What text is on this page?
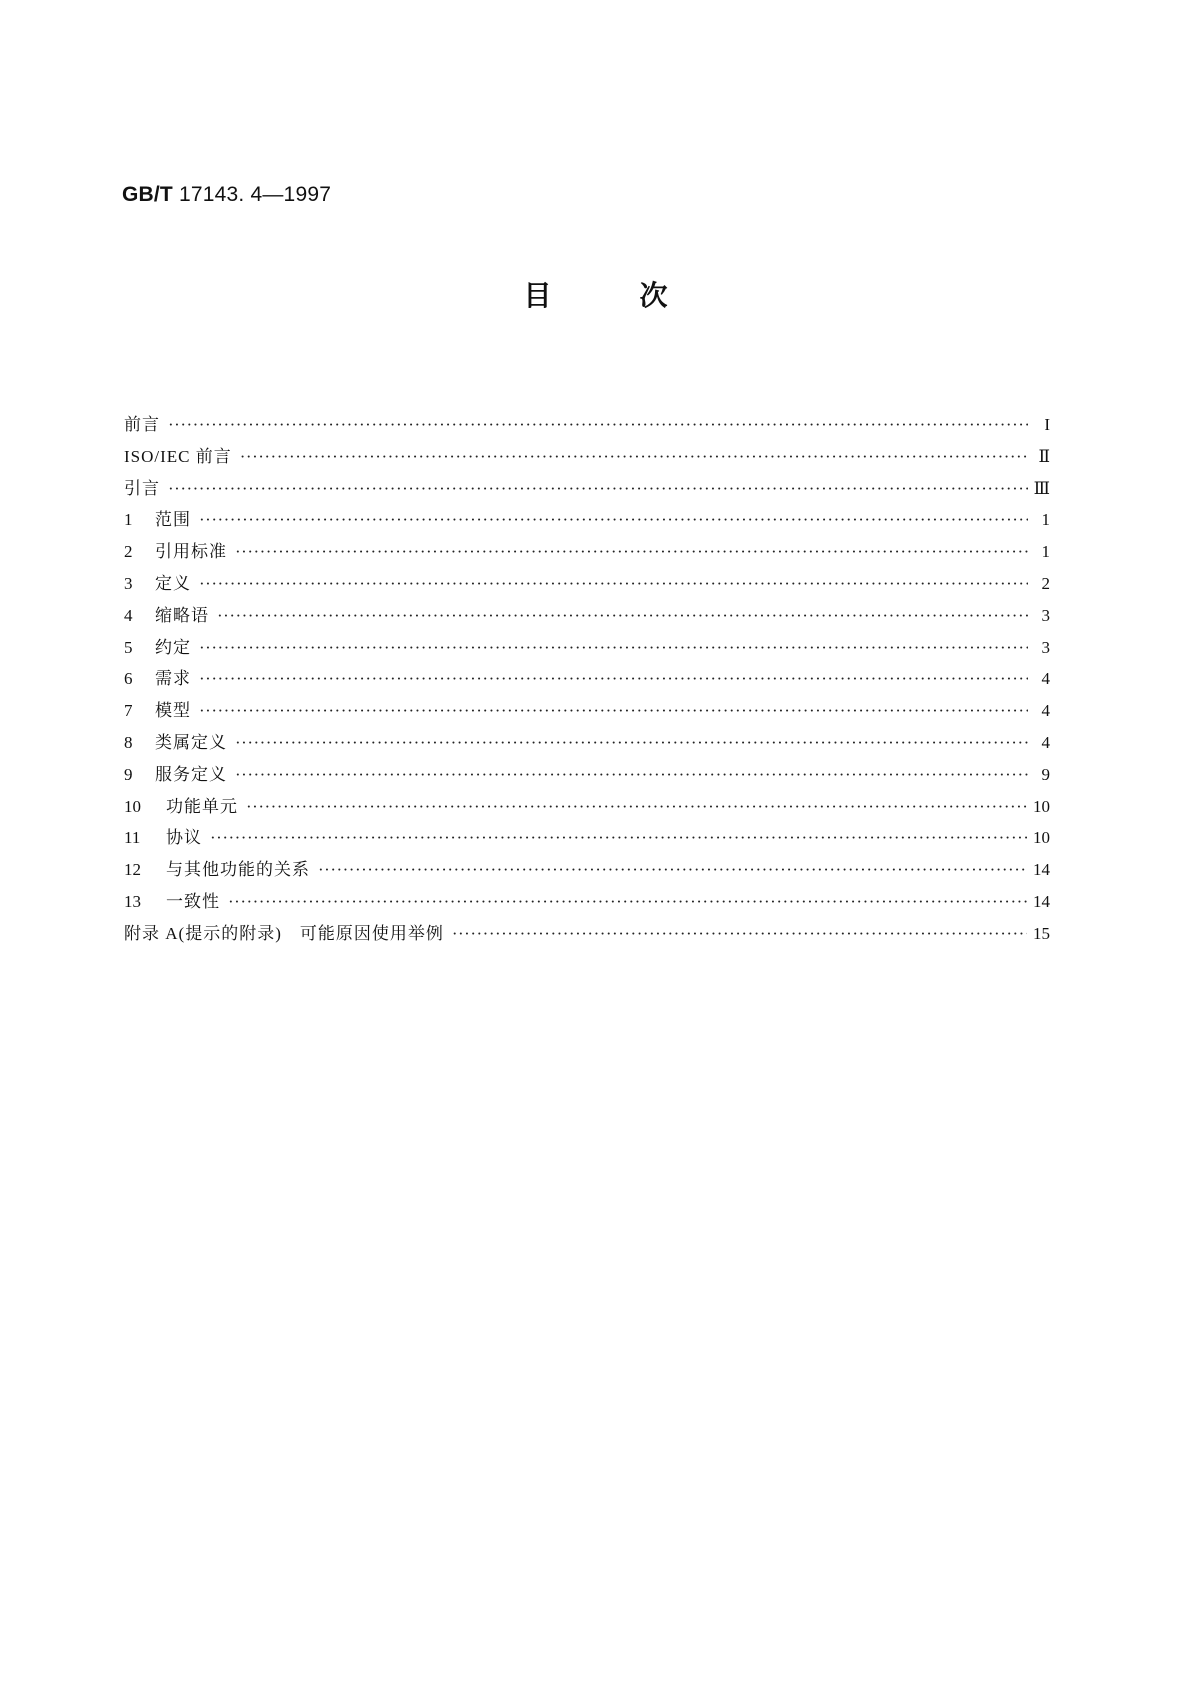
GB/T 17143. 4—1997
目次
前言 ·····	I
ISO/IEC 前言 ·····	Ⅱ
引言 ·····	Ⅲ
1	范围 ·····	1
2	引用标准 ·····	1
3	定义 ·····	2
4	缩略语 ·····	3
5	约定 ·····	3
6	需求 ·····	4
7	模型 ·····	4
8	类属定义 ·····	4
9	服务定义 ·····	9
10	功能单元 ·····	10
11	协议 ·····	10
12	与其他功能的关系 ·····	14
13	一致性 ·····	14
附录 A(提示的附录)　可能原因使用举例 ·····	15
